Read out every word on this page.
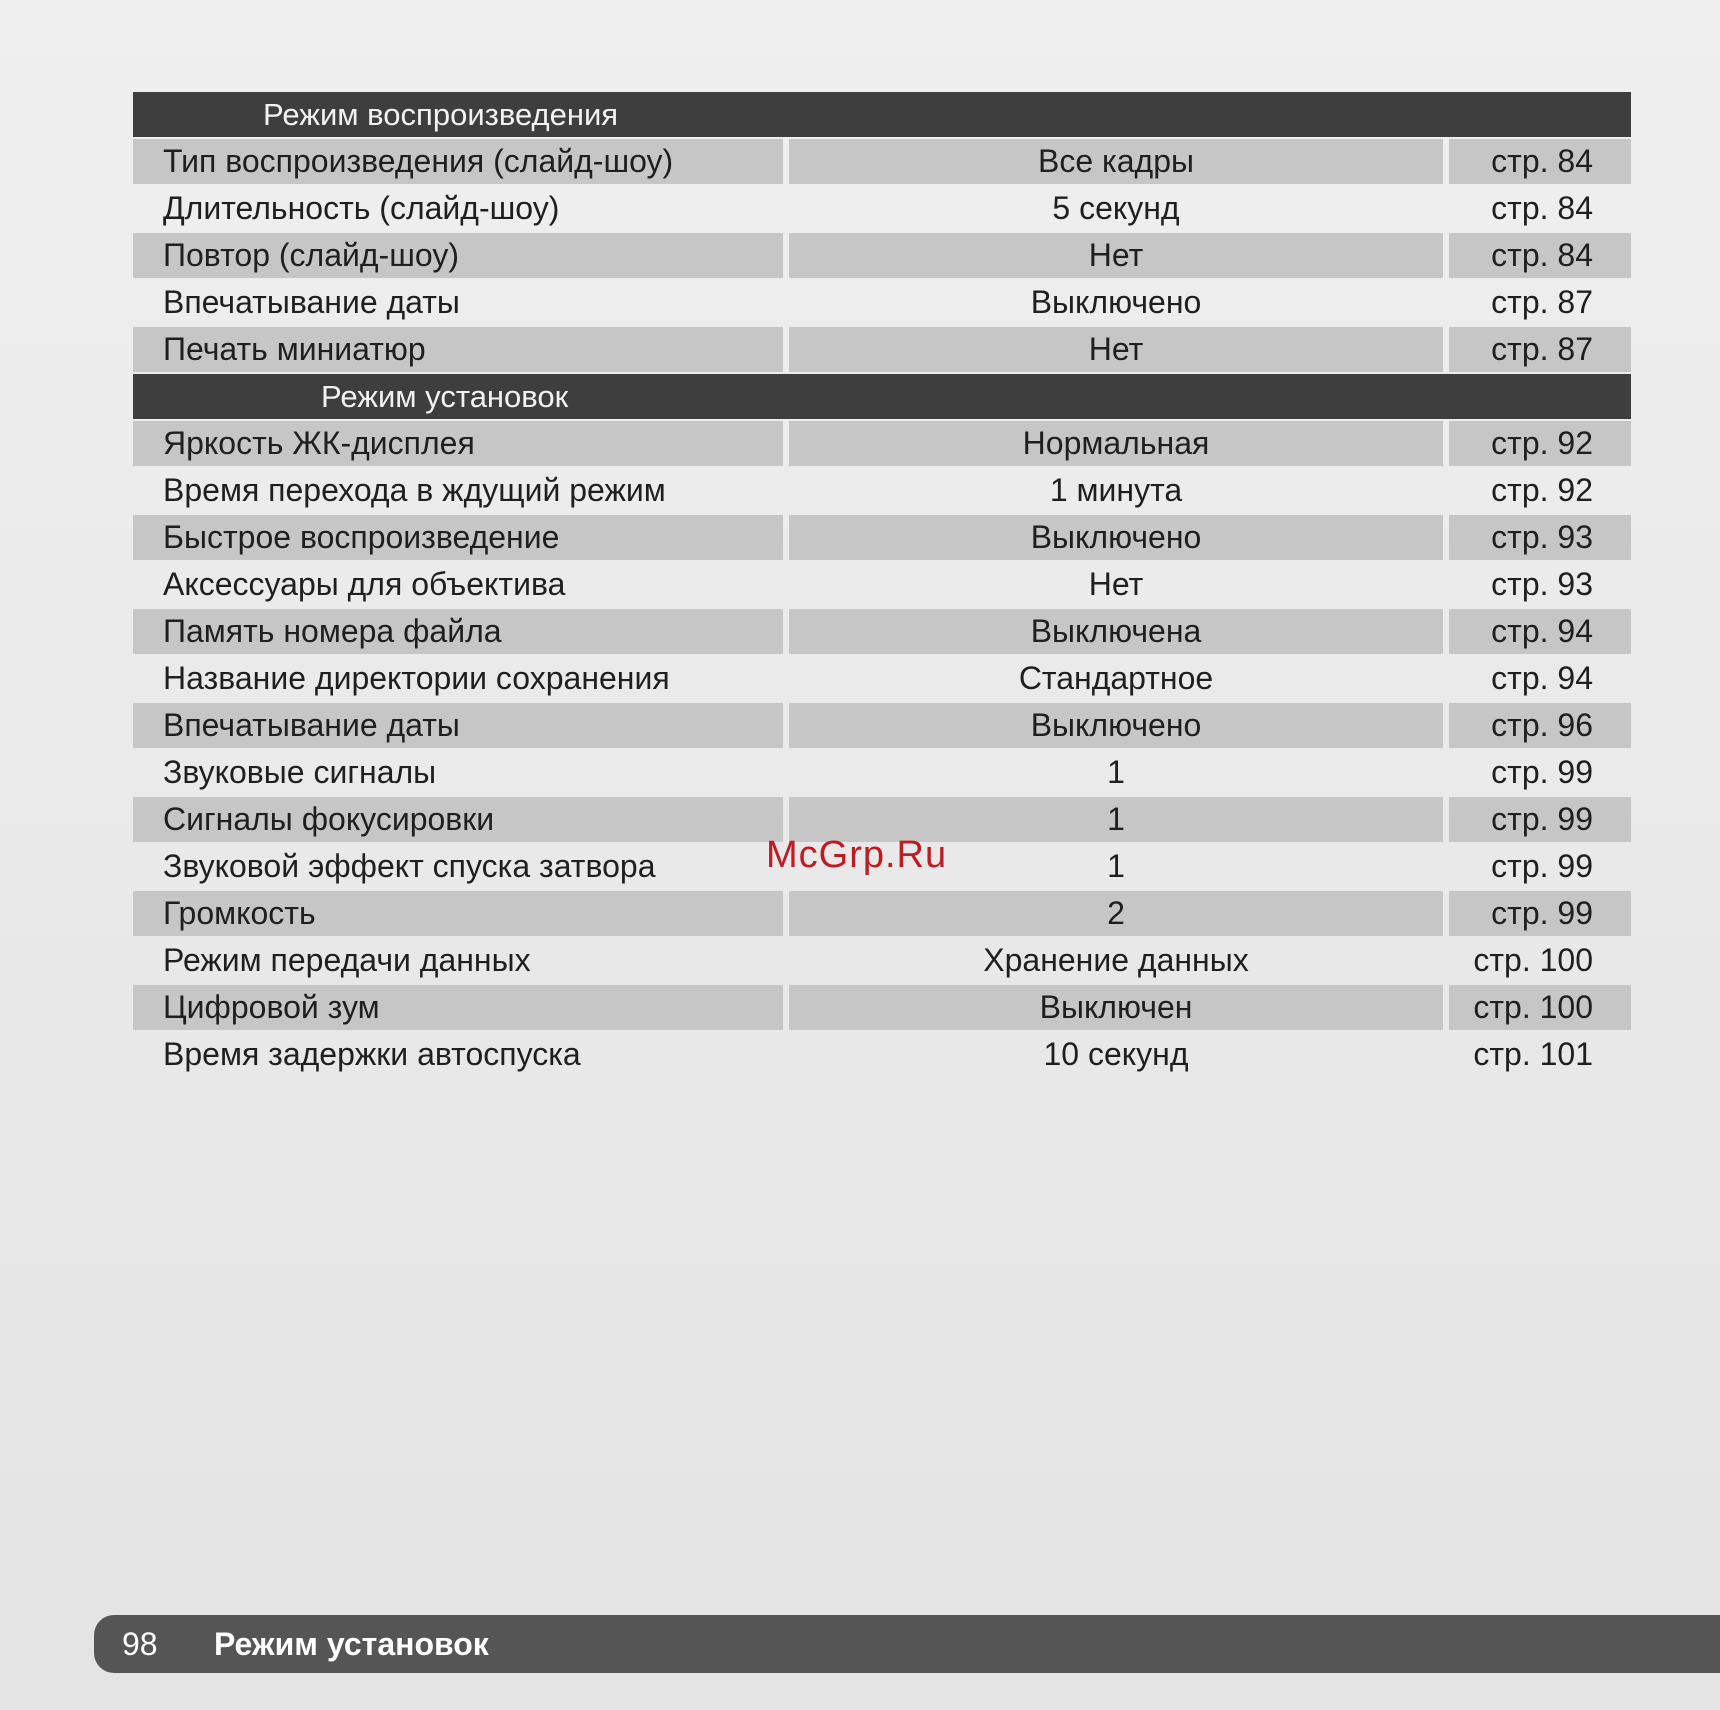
Режим воспроизведения
Тип воспроизведения (слайд-шоу)	Все кадры	стр. 84
Длительность (слайд-шоу)	5 секунд	стр. 84
Повтор (слайд-шоу)	Нет	стр. 84
Впечатывание даты	Выключено	стр. 87
Печать миниатюр	Нет	стр. 87
Режим установок
Яркость ЖК-дисплея	Нормальная	стр. 92
Время перехода в ждущий режим	1 минута	стр. 92
Быстрое воспроизведение	Выключено	стр. 93
Аксессуары для объектива	Нет	стр. 93
Память номера файла	Выключена	стр. 94
Название директории сохранения	Стандартное	стр. 94
Впечатывание даты	Выключено	стр. 96
Звуковые сигналы	1	стр. 99
Сигналы фокусировки	1	стр. 99
Звуковой эффект спуска затвора	1	стр. 99
Громкость	2	стр. 99
Режим передачи данных	Хранение данных	стр. 100
Цифровой зум	Выключен	стр. 100
Время задержки автоспуска	10 секунд	стр. 101
McGrp.Ru
98 Режим установок
